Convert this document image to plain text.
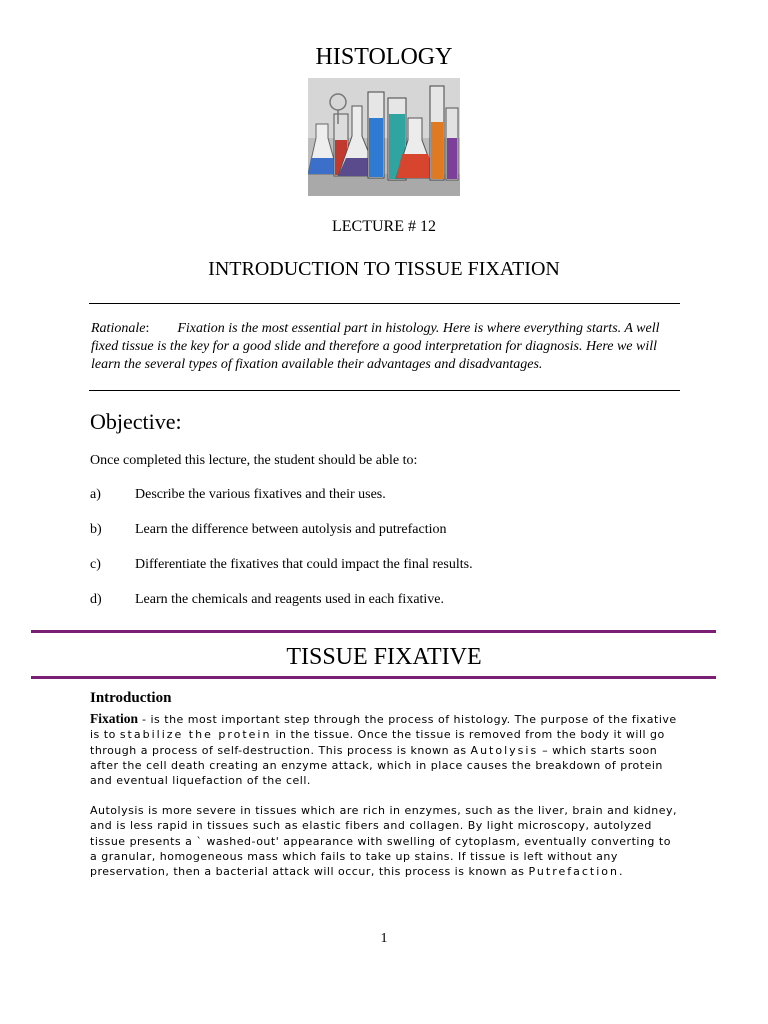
HISTOLOGY
LECTURE # 12
INTRODUCTION TO TISSUE FIXATION

Rationale: Fixation is the most essential part in histology. Here is where everything starts. A well fixed tissue is the key for a good slide and therefore a good interpretation for diagnosis. Here we will learn the several types of fixation available their advantages and disadvantages.

Objective:
Once completed this lecture, the student should be able to:
a) Describe the various fixatives and their uses.
b) Learn the difference between autolysis and putrefaction
c) Differentiate the fixatives that could impact the final results.
d) Learn the chemicals and reagents used in each fixative.
TISSUE FIXATIVE
Introduction

Fixation - is the most important step through the process of histology. The purpose of the fixative is to stabilize the protein in the tissue. Once the tissue is removed from the body it will go through a process of self-destruction. This process is known as Autolysis – which starts soon after the cell death creating an enzyme attack, which in place causes the breakdown of protein and eventual liquefaction of the cell.

Autolysis is more severe in tissues which are rich in enzymes, such as the liver, brain and kidney, and is less rapid in tissues such as elastic fibers and collagen. By light microscopy, autolyzed tissue presents a ` washed-out' appearance with swelling of cytoplasm, eventually converting to a granular, homogeneous mass which fails to take up stains. If tissue is left without any preservation, then a bacterial attack will occur, this process is known as Putrefaction.

1
